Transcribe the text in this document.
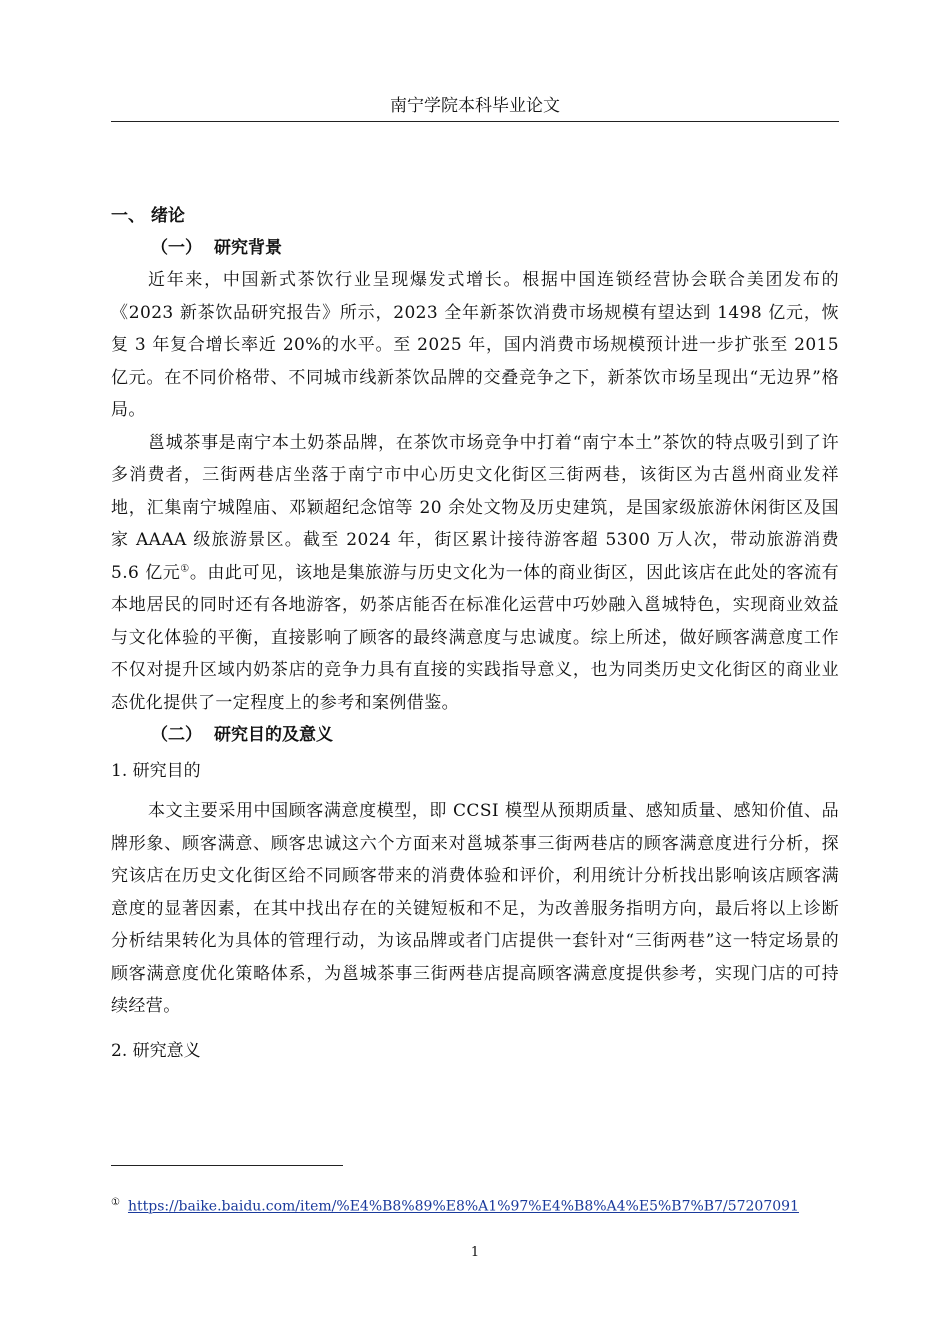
南宁学院本科毕业论文
一、 绪论
（一） 研究背景

近年来，中国新式茶饮行业呈现爆发式增长。根据中国连锁经营协会联合美团发布的《2023 新茶饮品研究报告》所示，2023 全年新茶饮消费市场规模有望达到 1498 亿元，恢复 3 年复合增长率近 20%的水平。至 2025 年，国内消费市场规模预计进一步扩张至 2015 亿元。在不同价格带、不同城市线新茶饮品牌的交叠竞争之下，新茶饮市场呈现出“无边界”格局。

邕城茶事是南宁本土奶茶品牌，在茶饮市场竞争中打着“南宁本土”茶饮的特点吸引到了许多消费者，三街两巷店坐落于南宁市中心历史文化街区三街两巷，该街区为古邕州商业发祥地，汇集南宁城隍庙、邓颖超纪念馆等 20 余处文物及历史建筑，是国家级旅游休闲街区及国家 AAAA 级旅游景区。截至 2024 年，街区累计接待游客超 5300 万人次，带动旅游消费 5.6 亿元①。由此可见，该地是集旅游与历史文化为一体的商业街区，因此该店在此处的客流有本地居民的同时还有各地游客，奶茶店能否在标准化运营中巧妙融入邕城特色，实现商业效益与文化体验的平衡，直接影响了顾客的最终满意度与忠诚度。综上所述，做好顾客满意度工作不仅对提升区域内奶茶店的竞争力具有直接的实践指导意义，也为同类历史文化街区的商业业态优化提供了一定程度上的参考和案例借鉴。

（二） 研究目的及意义
1. 研究目的

本文主要采用中国顾客满意度模型，即 CCSI 模型从预期质量、感知质量、感知价值、品牌形象、顾客满意、顾客忠诚这六个方面来对邕城茶事三街两巷店的顾客满意度进行分析，探究该店在历史文化街区给不同顾客带来的消费体验和评价，利用统计分析找出影响该店顾客满意度的显著因素，在其中找出存在的关键短板和不足，为改善服务指明方向，最后将以上诊断分析结果转化为具体的管理行动，为该品牌或者门店提供一套针对“三街两巷”这一特定场景的顾客满意度优化策略体系，为邕城茶事三街两巷店提高顾客满意度提供参考，实现门店的可持续经营。

2. 研究意义
① https://baike.baidu.com/item/%E4%B8%89%E8%A1%97%E4%B8%A4%E5%B7%B7/57207091
1
